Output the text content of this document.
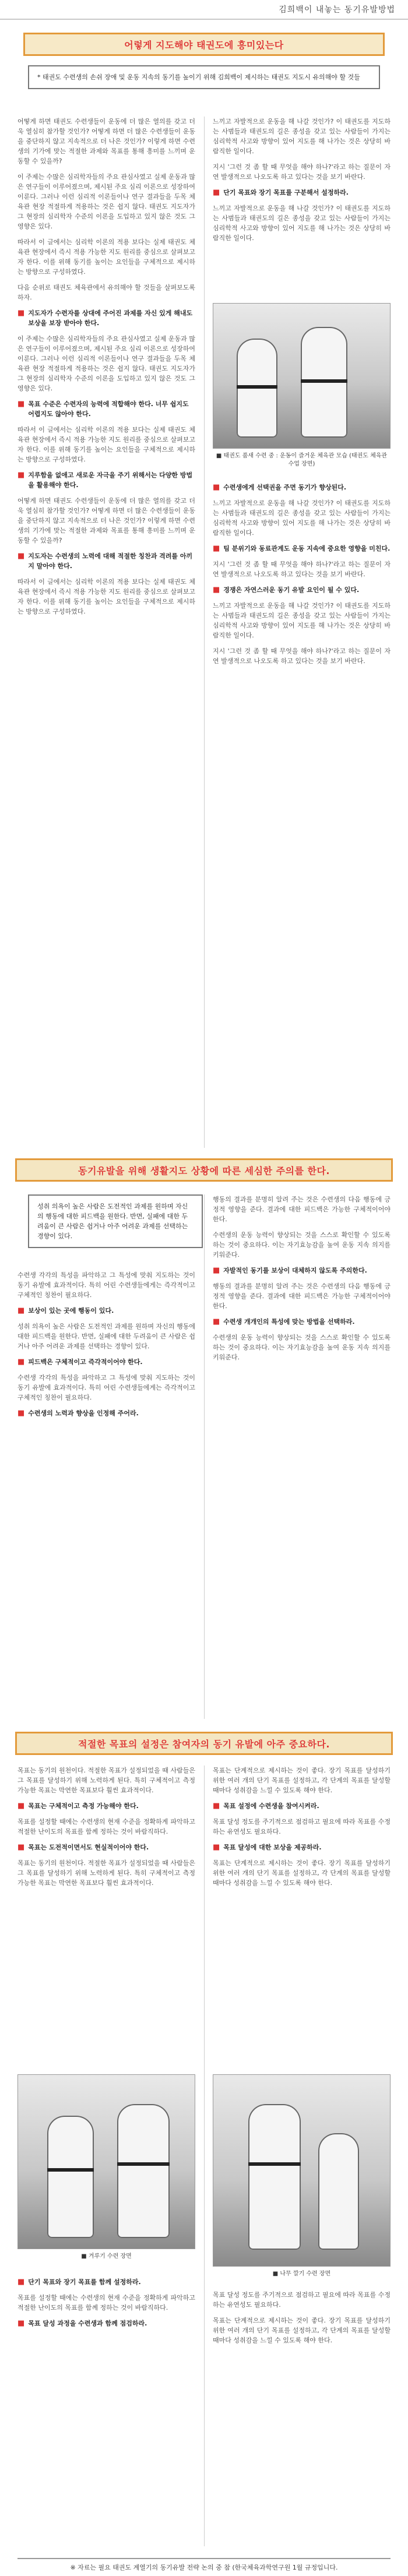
김희백이 내놓는 동기유발방법
어렇게 지도해야 태권도에 흥미있는다
* 태권도 수련생의 손쉬 장애 및 운동 지속의 동기를 높이기 위해 김희백이 제시하는 태권도 지도시 유의해야 할 것들

어떻게 하면 태권도 수련생들이 운동에 더 많은 열의를 갖고 더욱 열심히 참가할 것인가? 어떻게 하면 더 많은 수련생들이 운동을 중단하지 않고 지속적으로 더 나은 것인가? 이렇게 하면 수련생의 기가에 맞는 적절한 과제와 목표를 통해 흥미를 느끼며 운동할 수 있을까?

이 주제는 수많은 심리학자들의 주요 관심사였고 실제 운동과 많은 연구들이 이루어졌으며, 제시된 주요 심리 이론으로 성장하여 이룬다. 그러나 이런 심리적 이론들이나 연구 결과들을 두목 체육관 현장 적절하게 적용하는 것은 쉽지 않다. 태권도 지도자가 그 현장의 심리학자 수준의 이론을 도입하고 있지 않은 것도 그 영향은 있다.

따라서 이 글에서는 심리학 이론의 적용 보다는 실제 태권도 체육관 현장에서 즉시 적용 가능한 지도 원리를 중심으로 살펴보고자 한다. 이를 위해 동기를 높이는 요인들을 구체적으로 제시하는 방향으로 구성하였다.

다음 순위로 태권도 체육관에서 유의해야 할 것들을 살펴보도록 하자.

■ 지도자가 수련자를 상대에 주어진 과제를 자신 있게 해내도 보상을 보장 받아야 한다.

이 주제는 수많은 심리학자들의 주요 관심사였고 실제 운동과 많은 연구들이 이루어졌으며, 제시된 주요 심리 이론으로 성장하여 이룬다. 그러나 이런 심리적 이론들이나 연구 결과들을 두목 체육관 현장 적절하게 적용하는 것은 쉽지 않다. 태권도 지도자가 그 현장의 심리학자 수준의 이론을 도입하고 있지 않은 것도 그 영향은 있다.

■ 목표 수준은 수련자의 능력에 적합해야 한다. 너무 쉽지도 어렵지도 않아야 한다.

따라서 이 글에서는 심리학 이론의 적용 보다는 실제 태권도 체육관 현장에서 즉시 적용 가능한 지도 원리를 중심으로 살펴보고자 한다. 이를 위해 동기를 높이는 요인들을 구체적으로 제시하는 방향으로 구성하였다.

■ 지루함을 없애고 새로운 자극을 주기 위해서는 다양한 방법을 활용해야 한다.

어떻게 하면 태권도 수련생들이 운동에 더 많은 열의를 갖고 더욱 열심히 참가할 것인가? 어떻게 하면 더 많은 수련생들이 운동을 중단하지 않고 지속적으로 더 나은 것인가? 이렇게 하면 수련생의 기가에 맞는 적절한 과제와 목표를 통해 흥미를 느끼며 운동할 수 있을까?

■ 지도자는 수련생의 노력에 대해 적절한 칭찬과 격려를 아끼지 말아야 한다.

따라서 이 글에서는 심리학 이론의 적용 보다는 실제 태권도 체육관 현장에서 즉시 적용 가능한 지도 원리를 중심으로 살펴보고자 한다. 이를 위해 동기를 높이는 요인들을 구체적으로 제시하는 방향으로 구성하였다.

느끼고 자발적으로 운동을 해 나갈 것인가? 이 태권도를 지도하는 사범들과 태권도의 길은 종성을 갖고 있는 사람들이 가지는 심리학적 사고와 방향이 있어 지도를 해 나가는 것은 상당히 바람직한 일이다.

지시 '그런 것 좀 할 때 무엇을 해야 하나?'라고 하는 질문이 자연 발생적으로 나오도록 하고 있다는 것을 보기 바란다.

■ 단기 목표와 장기 목표를 구분해서 설정하라.

느끼고 자발적으로 운동을 해 나갈 것인가? 이 태권도를 지도하는 사범들과 태권도의 길은 종성을 갖고 있는 사람들이 가지는 심리학적 사고와 방향이 있어 지도를 해 나가는 것은 상당히 바람직한 일이다.

■ 태권도 품새 수련 중 : 운동이 즐거운 체육관 모습 (태권도 체육관 수업 장면)
■ 수련생에게 선택권을 주면 동기가 향상된다.

느끼고 자발적으로 운동을 해 나갈 것인가? 이 태권도를 지도하는 사범들과 태권도의 길은 종성을 갖고 있는 사람들이 가지는 심리학적 사고와 방향이 있어 지도를 해 나가는 것은 상당히 바람직한 일이다.

■ 팀 분위기와 동료관계도 운동 지속에 중요한 영향을 미친다.

지시 '그런 것 좀 할 때 무엇을 해야 하나?'라고 하는 질문이 자연 발생적으로 나오도록 하고 있다는 것을 보기 바란다.

■ 경쟁은 자연스러운 동기 유발 요인이 될 수 있다.

느끼고 자발적으로 운동을 해 나갈 것인가? 이 태권도를 지도하는 사범들과 태권도의 길은 종성을 갖고 있는 사람들이 가지는 심리학적 사고와 방향이 있어 지도를 해 나가는 것은 상당히 바람직한 일이다.

지시 '그런 것 좀 할 때 무엇을 해야 하나?'라고 하는 질문이 자연 발생적으로 나오도록 하고 있다는 것을 보기 바란다.

동기유발을 위해 생활지도 상황에 따른 세심한 주의를 한다.
성취 의욕이 높은 사람은 도전적인 과제를 원하며 자신의 행동에 대한 피드백을 원한다. 반면, 실패에 대한 두려움이 큰 사람은 쉽거나 아주 어려운 과제를 선택하는 경향이 있다.

수련생 각각의 특성을 파악하고 그 특성에 맞춰 지도하는 것이 동기 유발에 효과적이다. 특히 어린 수련생들에게는 즉각적이고 구체적인 칭찬이 필요하다.

■ 보상이 있는 곳에 행동이 있다.

성취 의욕이 높은 사람은 도전적인 과제를 원하며 자신의 행동에 대한 피드백을 원한다. 반면, 실패에 대한 두려움이 큰 사람은 쉽거나 아주 어려운 과제를 선택하는 경향이 있다.

■ 피드백은 구체적이고 즉각적이어야 한다.

수련생 각각의 특성을 파악하고 그 특성에 맞춰 지도하는 것이 동기 유발에 효과적이다. 특히 어린 수련생들에게는 즉각적이고 구체적인 칭찬이 필요하다.

■ 수련생의 노력과 향상을 인정해 주어라.

행동의 결과를 분명히 알려 주는 것은 수련생의 다음 행동에 긍정적 영향을 준다. 결과에 대한 피드백은 가능한 구체적이어야 한다.

수련생의 운동 능력이 향상되는 것을 스스로 확인할 수 있도록 하는 것이 중요하다. 이는 자기효능감을 높여 운동 지속 의지를 키워준다.

■ 자발적인 동기를 보상이 대체하지 않도록 주의한다.

행동의 결과를 분명히 알려 주는 것은 수련생의 다음 행동에 긍정적 영향을 준다. 결과에 대한 피드백은 가능한 구체적이어야 한다.

■ 수련생 개개인의 특성에 맞는 방법을 선택하라.

수련생의 운동 능력이 향상되는 것을 스스로 확인할 수 있도록 하는 것이 중요하다. 이는 자기효능감을 높여 운동 지속 의지를 키워준다.

적절한 목표의 설정은 참여자의 동기 유발에 아주 중요하다.

목표는 동기의 원천이다. 적절한 목표가 설정되었을 때 사람들은 그 목표를 달성하기 위해 노력하게 된다. 특히 구체적이고 측정 가능한 목표는 막연한 목표보다 훨씬 효과적이다.

■ 목표는 구체적이고 측정 가능해야 한다.

목표를 설정할 때에는 수련생의 현재 수준을 정확하게 파악하고 적절한 난이도의 목표를 함께 정하는 것이 바람직하다.

■ 목표는 도전적이면서도 현실적이어야 한다.

목표는 동기의 원천이다. 적절한 목표가 설정되었을 때 사람들은 그 목표를 달성하기 위해 노력하게 된다. 특히 구체적이고 측정 가능한 목표는 막연한 목표보다 훨씬 효과적이다.

■ 겨루기 수련 장면
■ 단기 목표와 장기 목표를 함께 설정하라.

목표를 설정할 때에는 수련생의 현재 수준을 정확하게 파악하고 적절한 난이도의 목표를 함께 정하는 것이 바람직하다.

■ 목표 달성 과정을 수련생과 함께 점검하라.

목표는 단계적으로 제시하는 것이 좋다. 장기 목표를 달성하기 위한 여러 개의 단기 목표를 설정하고, 각 단계의 목표를 달성할 때마다 성취감을 느낄 수 있도록 해야 한다.

■ 목표 설정에 수련생을 참여시켜라.

목표 달성 정도를 주기적으로 점검하고 필요에 따라 목표를 수정하는 유연성도 필요하다.

■ 목표 달성에 대한 보상을 제공하라.

목표는 단계적으로 제시하는 것이 좋다. 장기 목표를 달성하기 위한 여러 개의 단기 목표를 설정하고, 각 단계의 목표를 달성할 때마다 성취감을 느낄 수 있도록 해야 한다.

■ 나무 깔기 수련 장면

목표 달성 정도를 주기적으로 점검하고 필요에 따라 목표를 수정하는 유연성도 필요하다.

목표는 단계적으로 제시하는 것이 좋다. 장기 목표를 달성하기 위한 여러 개의 단기 목표를 설정하고, 각 단계의 목표를 달성할 때마다 성취감을 느낄 수 있도록 해야 한다.

※ 자료는 필요 태권도 계열기의 동기유발 전략 논의 중 참 (한국체육과학연구원 1월 규정입니다.
